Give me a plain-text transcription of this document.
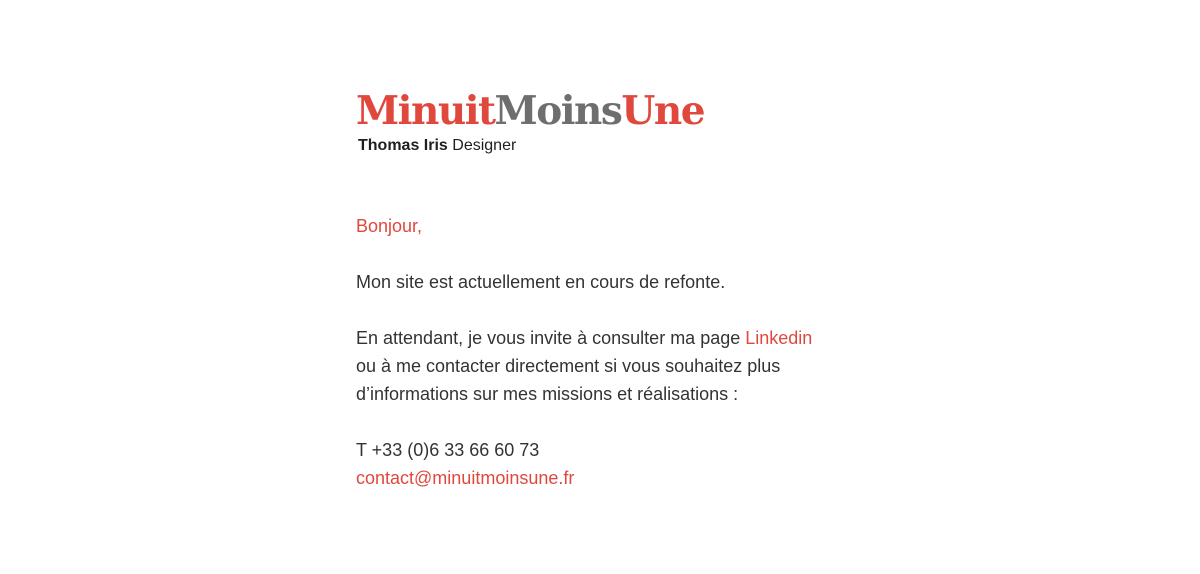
MinuitMoinsUne
Thomas Iris Designer
Bonjour,
Mon site est actuellement en cours de refonte.
En attendant, je vous invite à consulter ma page Linkedin
ou à me contacter directement si vous souhaitez plus
d’informations sur mes missions et réalisations :
T +33 (0)6 33 66 60 73
contact@minuitmoinsune.fr
